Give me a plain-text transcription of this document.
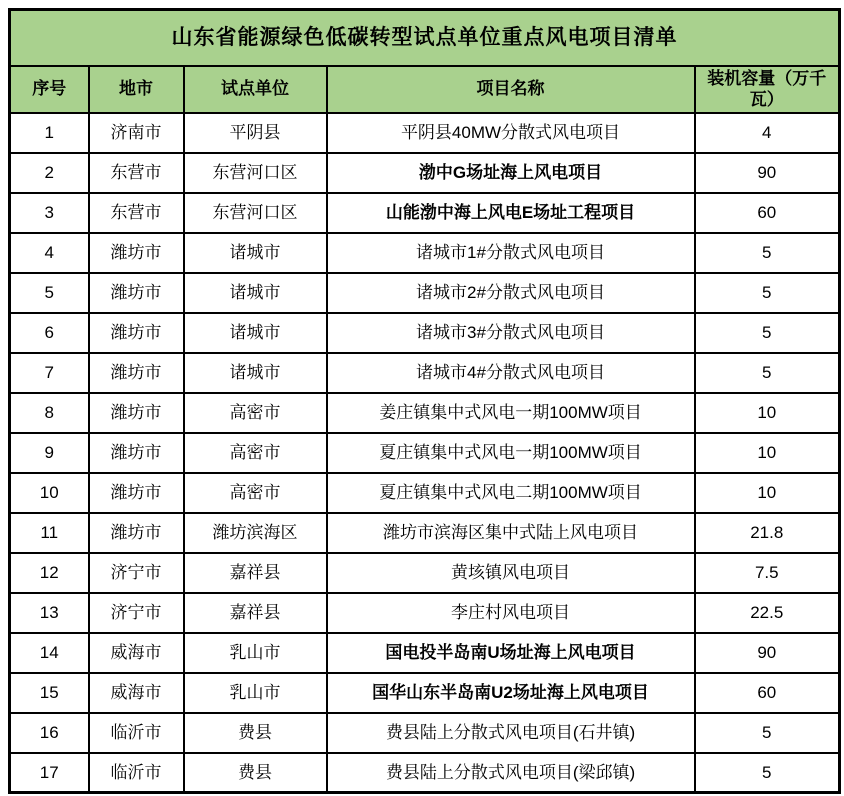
山东省能源绿色低碳转型试点单位重点风电项目清单				
序号	地市	试点单位	项目名称	装机容量（万千瓦）
1	济南市	平阴县	平阴县40MW分散式风电项目	4
2	东营市	东营河口区	渤中G场址海上风电项目	90
3	东营市	东营河口区	山能渤中海上风电E场址工程项目	60
4	潍坊市	诸城市	诸城市1#分散式风电项目	5
5	潍坊市	诸城市	诸城市2#分散式风电项目	5
6	潍坊市	诸城市	诸城市3#分散式风电项目	5
7	潍坊市	诸城市	诸城市4#分散式风电项目	5
8	潍坊市	高密市	姜庄镇集中式风电一期100MW项目	10
9	潍坊市	高密市	夏庄镇集中式风电一期100MW项目	10
10	潍坊市	高密市	夏庄镇集中式风电二期100MW项目	10
11	潍坊市	潍坊滨海区	潍坊市滨海区集中式陆上风电项目	21.8
12	济宁市	嘉祥县	黄垓镇风电项目	7.5
13	济宁市	嘉祥县	李庄村风电项目	22.5
14	威海市	乳山市	国电投半岛南U场址海上风电项目	90
15	威海市	乳山市	国华山东半岛南U2场址海上风电项目	60
16	临沂市	费县	费县陆上分散式风电项目(石井镇)	5
17	临沂市	费县	费县陆上分散式风电项目(梁邱镇)	5
